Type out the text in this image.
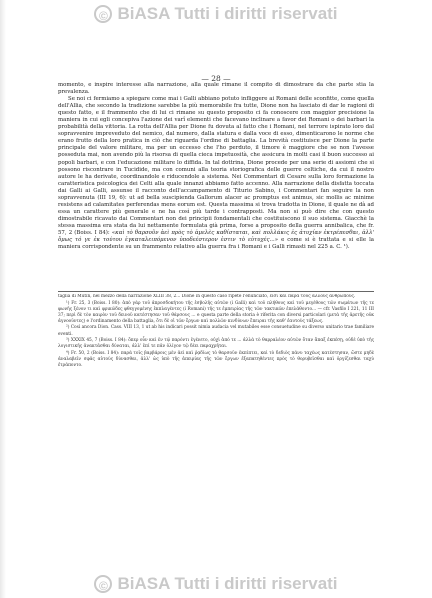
© BiASA Tutti i diritti riservati
— 28 —

momento, e inspire interesse alla narrazione, alla quale rimane il compito di dimostrare da che parte stia la prevalenza.

Se noi ci fermiamo a spiegare come mai i Galli abbiano potuto infliggere ai Romani delle sconfitte, come quella dell'Allia, che secondo la tradizione sarebbe la più memorabile fra tutte, Dione non ha lasciato di dar le ragioni di questo fatto, e il frammento che di lui ci rimane su questo proposito ci fa conoscere con maggior precisione la maniera in cui egli concepiva l'azione dei varî elementi che facevano inclinare a favor dei Romani o dei barbari la probabilità della vittoria. La rotta dell'Allia per Dione fu dovuta al fatto che i Romani, nel terrore ispirato loro dal sopravvenire impreveduto del nemico, dal numero, dalla statura e dalla voce di esso, dimenticarono le norme che erano frutto della loro pratica in ciò che riguarda l'ordine di battaglia. La brevità costituisce per Dione la parte principale del valore militare, ma per un eccesso che l'ho perduto, il timore è maggiore che se non l'avesse posseduta mai, non avendo più la risorsa di quella cieca impetuosità, che assicura in molti casi il buon successo ai popoli barbari, e con l'educazione militare lo diffida. In tal dottrina, Dione procede per una serie di assiomi che si possono riscontrare in Tucidide, ma con comuni alla teoria storiografica delle guerre celtiche, da cui il nostro autore le ha derivate, coordinandole e riducendole a sistema. Nei Commentari di Cesare sulla loro formazione la caratteristica psicologica dei Celti alla quale innanzi abbiamo fatto accenno. Alla narrazione della disfatta toccata dai Galli ai Galli, assunse il racconto dell'accampamento di Titurio Sabino, i Commentari fan seguire la non sopravvenuta (III 19, 6): ut ad bella suscipienda Gallorum alacer ac promptus est animus, sic mollis ac minime resistens ad calamitates perferendas mens eorum est. Questa massima si trova tradotta in Dione, il quale ne dà ad essa un carattere più generale e ne ha così più tarde i contrapposti. Ma non si può dire che con questo dimostrabile ricavato dai Commentari non dei principii fondamentali che costituiscono il suo sistema. Giacchè la stessa massima era stata da lui nettamente formulata già prima, forse a proposito della guerra annibalica, che fr. 57, 2 (Boiss. I 84): «καὶ τὸ θαρσοῦν ἀεὶ πρὸς τὸ ἀμελὲς καθίσταται, καὶ πολλάκις ἐς ἀτυχίαν ἐκτρέπεσθαι, ἀλλ' ὅμως τό γε ἐκ τούτου ἐγκαταλειπόμενον ὑποδεέστερον ἐστιν τὸ εὐτυχές...» e come si è trattata e si elle la maniera corrispondente su un frammento relativo alla guerra fra i Romani e i Galli rimasti nel 225 a. C. ¹).

taglia di Mutin, nel mezzo della narrazione XLIII 38, 2... Dione in questo caso ripete l'enunciato, εἰσὶ καὶ παρὰ τοὺς ἄλλους ἀνθρώπους.

¹) Fr. 25, 3 (Boiss. I 80): ἀπὸ γὰρ τοῦ ἀπροσδοκήτου τῆς ἐσβολῆς αὐτῶν (i Galli) καὶ τοῦ πλήθους καὶ τοῦ μεγέθους τῶν σωμάτων τῆς τε φωνῆς ξένον τι καὶ φρικῶδες φθεγγομένης ἐκπλαγέντες (i Romani) τῆς τε ἐμπειρίας τῆς τῶν τακτικῶν ἐπελάθοντο... — cfr. Vasfilo I 221, 11 III 37; περὶ δὲ τὸν καιρὸν τοῦ δεινοῦ κατέστησαν τοῦ θάρσους ... e questa parte della storia è riferita con diversi particolari (μετὰ τῆς ἀρετῆς οὐκ ἀγνοοῦντες) e l'ordinamento della battaglia, ὅτι δὲ οἱ τῶν ἔργων καὶ πολλῶν κινδύνων ἔπειραι τῆς καθ' ἑαυτοὺς τάξεως.

²) Così ancora Dion. Cass. VIII 13, 1 ut ab his indicari possit nimia audacia vel mutabiles esse consuetudine su diverso unitario trae familiare eventi.

³) XXXIX 45, 7 (Boiss. I 84): ὅπερ οὖν καὶ ἐν τῷ παρόντι ἐγένετο, οὐχὶ ἀπό τε ... ἀλλὰ τὸ θαρραλέον αὐτῶν ὅταν ἅπαξ ἐκπέσῃ, οὐδὲ ὑπὸ τῆς λογιστικῆς ἀνακτᾶσθαι δύναται, ἀλλ' ἐπί τε πᾶν ὀλίγον τῷ δέει παραχρῆται.

⁴) Fr. 50, 2 (Boiss. I 84): παρὰ τοῖς βαρβάροις μὲν ἀεὶ καὶ ῥᾳδίως τὸ θαρσοῦν ἐκπίπτει, καὶ τὸ δεδιὸς πάνυ ταχέως κατέστησαν, ὥστε μηδὲ ἀναλαβεῖν σφᾶς αὐτοὺς δύνασθαι, ἀλλ' ὡς ὑπὸ τῆς ἀπειρίας τῆς τῶν ἔργων ἐξαπατηθέντες πρὸς τὸ θορυβεῖσθαι καὶ ὀργίζεσθαι ταχὺ ἐτράποντο.

© BiASA Tutti i diritti riservati
